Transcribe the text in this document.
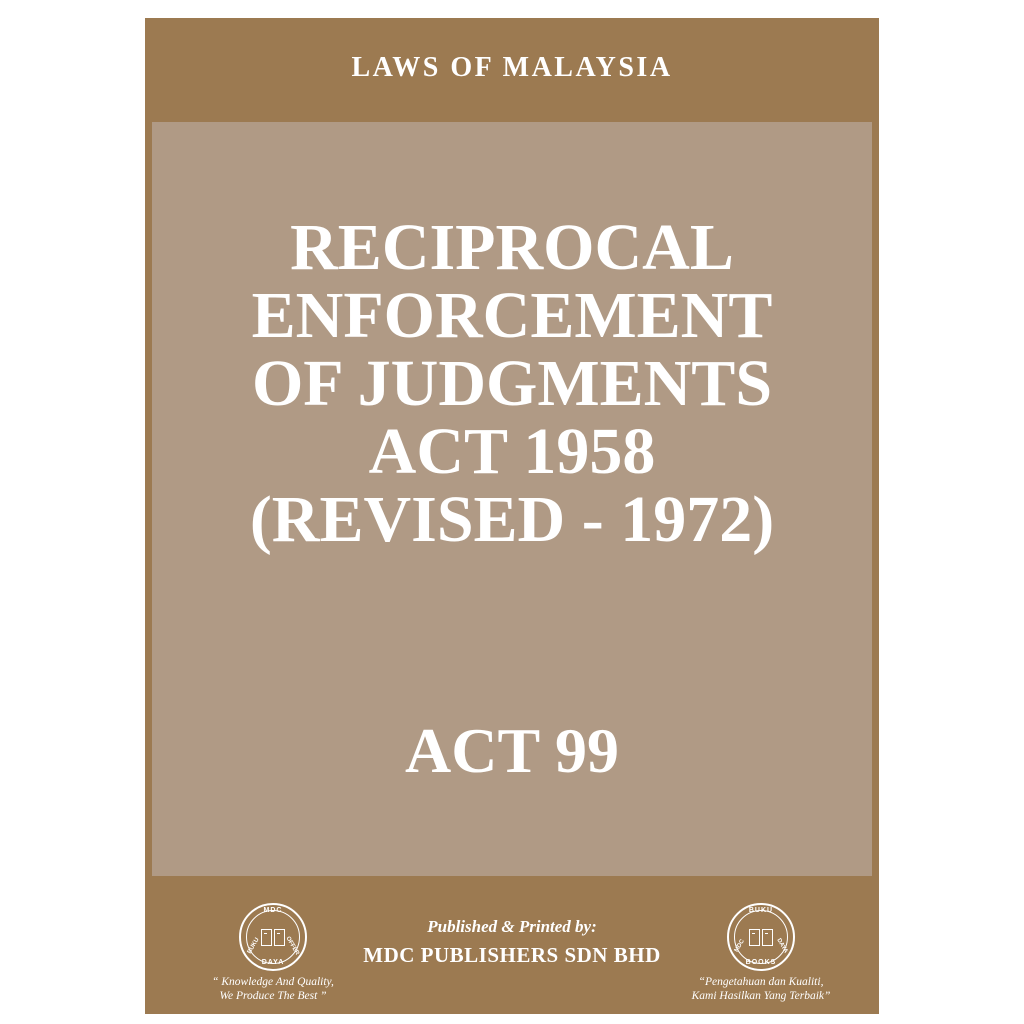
LAWS OF MALAYSIA
RECIPROCAL
ENFORCEMENT
OF JUDGMENTS
ACT 1958
(REVISED - 1972)
ACT 99
MDC
DAYA
BUKU	OFFER
“ Knowledge And Quality,
We Produce The Best ”
Published & Printed by:
MDC PUBLISHERS SDN BHD
BUKU
BOOKS
MDC	DAYA
“Pengetahuan dan Kualiti,
Kami Hasilkan Yang Terbaik”
